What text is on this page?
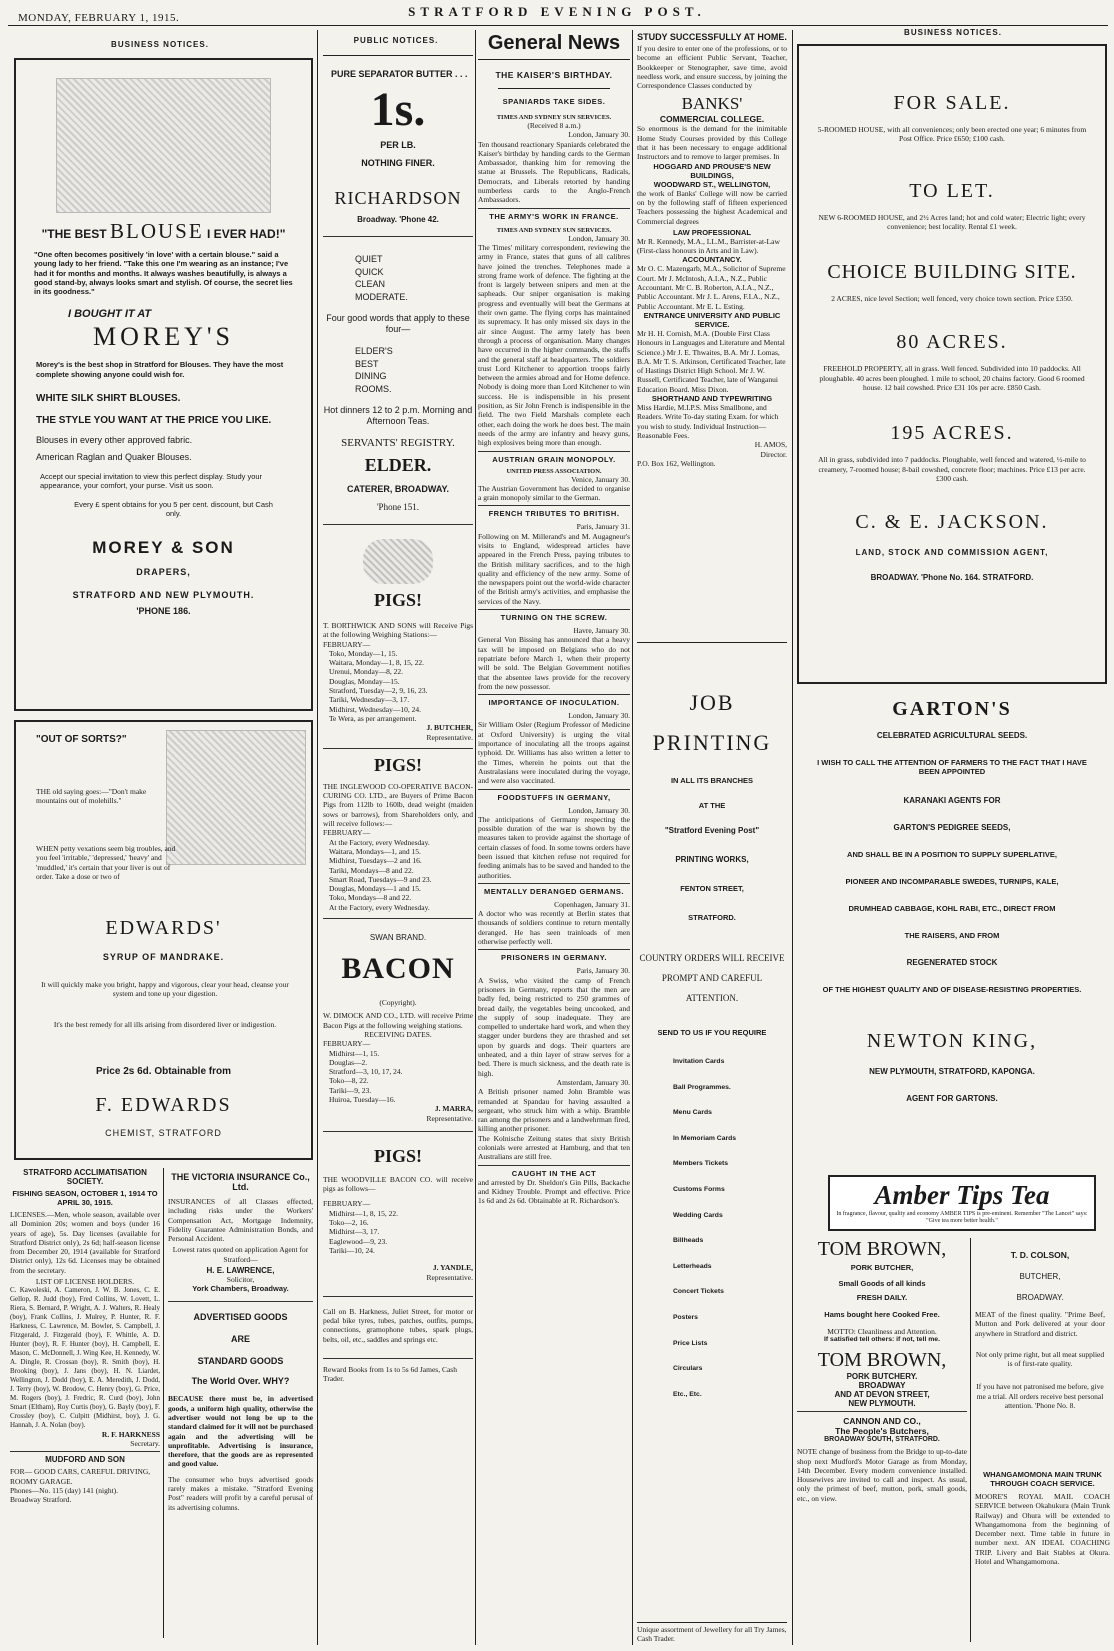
STRATFORD EVENING POST.
MONDAY, FEBRUARY 1, 1915.
BUSINESS NOTICES.
"THE BEST BLOUSE I EVER HAD!"
"One often becomes positively 'in love' with a certain blouse." said a young lady to her friend. "Take this one I'm wearing as an instance; I've had it for months and months. It always washes beautifully, is always a good stand-by, always looks smart and stylish. Of course, the secret lies in its goodness."
I BOUGHT IT AT
MOREY'S
Morey's is the best shop in Stratford for Blouses. They have the most complete showing anyone could wish for.
WHITE SILK SHIRT BLOUSES.
THE STYLE YOU WANT AT THE PRICE YOU LIKE.
Blouses in every other approved fabric.
American Raglan and Quaker Blouses.
Accept our special invitation to view this perfect display. Study your appearance, your comfort, your purse. Visit us soon.
Every £ spent obtains for you 5 per cent. discount, but Cash only.
MOREY & SON
DRAPERS,
STRATFORD AND NEW PLYMOUTH.
'PHONE 186.
"OUT OF SORTS?"
THE old saying goes:—"Don't make mountains out of molehills."
WHEN petty vexations seem big troubles, and you feel 'irritable,' 'depressed,' 'heavy' and 'muddled,' it's certain that your liver is out of order. Take a dose or two of
EDWARDS'
SYRUP OF MANDRAKE.
It will quickly make you bright, happy and vigorous, clear your head, cleanse your system and tone up your digestion.
It's the best remedy for all ills arising from disordered liver or indigestion.
Price 2s 6d. Obtainable from
F. EDWARDS
CHEMIST, STRATFORD
STRATFORD ACCLIMATISATION SOCIETY.
FISHING SEASON, OCTOBER 1, 1914 TO APRIL 30, 1915.
LICENSES.—Men, whole season, available over all Dominion 20s; women and boys (under 16 years of age), 5s. Day licenses (available for Stratford District only), 2s 6d; half-season license from December 20, 1914 (available for Stratford District only), 12s 6d. Licenses may be obtained from the secretary.
LIST OF LICENSE HOLDERS.
C. Kawoleski, A. Cameron, J. W. B. Jones, C. E. Gellop, R. Judd (boy), Fred Collins, W. Lovett, L. Riera, S. Bernard, P. Wright, A. J. Walters, R. Healy (boy), Frank Collins, J. Mulrey, P. Hunter, R. F. Harkness, C. Lawrence, M. Bowler, S. Campbell, J. Fitzgerald, J. Fitzgerald (boy), F. Whittle, A. D. Hunter (boy), R. F. Hunter (boy), H. Campbell, E. Mason, C. McDonnell, J. Wing Kee, H. Kennedy, W. A. Dingle, R. Crossan (boy), R. Smith (boy), H. Brooking (boy), J. Jans (boy), H. N. Liardet, Wellington, J. Dodd (boy), E. A. Meredith, J. Dodd, J. Terry (boy), W. Brodow, C. Henry (boy), G. Price, M. Rogers (boy), J. Fredric, R. Curd (boy), John Smart (Eltham), Roy Curtis (boy), G. Bayly (boy), F. Crossley (boy), C. Culpitt (Midhirst, boy), J. G. Hannah, J. A. Nolan (boy).
R. F. HARKNESS
Secretary.
MUDFORD AND SON
FOR— GOOD CARS, CAREFUL DRIVING, ROOMY GARAGE.
Phones—No. 115 (day) 141 (night).
Broadway Stratford.
THE VICTORIA INSURANCE Co., Ltd.
INSURANCES of all Classes effected, including risks under the Workers' Compensation Act, Mortgage Indemnity, Fidelity Guarantee Administration Bonds, and Personal Accident.
Lowest rates quoted on application Agent for Stratford—
H. E. LAWRENCE,
Solicitor,
York Chambers, Broadway.
ADVERTISED GOODS
ARE
STANDARD GOODS
The World Over. WHY?
BECAUSE there must be, in advertised goods, a uniform high quality, otherwise the advertiser would not long be up to the standard claimed for it will not be purchased again and the advertising will be unprofitable. Advertising is insurance, therefore, that the goods are as represented and good value.
The consumer who buys advertised goods rarely makes a mistake. "Stratford Evening Post" readers will profit by a careful perusal of its advertising columns.
PUBLIC NOTICES.
PURE SEPARATOR BUTTER . . .
1s.
PER LB.
NOTHING FINER.
RICHARDSON
Broadway. 'Phone 42.
QUIET
QUICK
CLEAN
MODERATE.
Four good words that apply to these four—
ELDER'S
BEST
DINING
ROOMS.
Hot dinners 12 to 2 p.m. Morning and Afternoon Teas.
SERVANTS' REGISTRY.
ELDER.
CATERER, BROADWAY.
'Phone 151.
PIGS!
T. BORTHWICK AND SONS will Receive Pigs at the following Weighing Stations:—
FEBRUARY—
Toko, Monday—1, 15.
Waitara, Monday—1, 8, 15, 22.
Urenui, Monday—8, 22.
Douglas, Monday—15.
Stratford, Tuesday—2, 9, 16, 23.
Tariki, Wednesday—3, 17.
Midhirst, Wednesday—10, 24.
Te Wera, as per arrangement.
J. BUTCHER,
Representative.
PIGS!
THE INGLEWOOD CO-OPERATIVE BACON-CURING CO. LTD., are Buyers of Prime Bacon Pigs from 112lb to 160lb, dead weight (maiden sows or barrows), from Shareholders only, and will receive follows:—
FEBRUARY—
At the Factory, every Wednesday.
Waitara, Mondays—1, and 15.
Midhirst, Tuesdays—2 and 16.
Tariki, Mondays—8 and 22.
Smart Road, Tuesdays—9 and 23.
Douglas, Mondays—1 and 15.
Toko, Mondays—8 and 22.
At the Factory, every Wednesday.
SWAN BRAND.
BACON
(Copyright).
W. DIMOCK AND CO., LTD. will receive Prime Bacon Pigs at the following weighing stations.
RECEIVING DATES.
FEBRUARY—
Midhirst—1, 15.
Douglas—2.
Stratford—3, 10, 17, 24.
Toko—8, 22.
Tariki—9, 23.
Huiroa, Tuesday—16.
J. MARRA,
Representative.
PIGS!
THE WOODVILLE BACON CO. will receive pigs as follows—
FEBRUARY—
Midhirst—1, 8, 15, 22.
Toko—2, 16.
Midhirst—3, 17.
Eaglewood—9, 23.
Tariki—10, 24.
J. YANDLE,
Representative.
Call on B. Harkness, Juliet Street, for motor or pedal bike tyres, tubes, patches, outfits, pumps, connections, gramophone tubes, spark plugs, belts, oil, etc., saddles and springs etc.
Reward Books from 1s to 5s 6d James, Cash Trader.
General News
THE KAISER'S BIRTHDAY.
SPANIARDS TAKE SIDES.
TIMES AND SYDNEY SUN SERVICES.
(Received 8 a.m.)
London, January 30.
Ten thousand reactionary Spaniards celebrated the Kaiser's birthday by handing cards to the German Ambassador, thanking him for removing the statue at Brussels. The Republicans, Radicals, Democrats, and Liberals retorted by handing numberless cards to the Anglo-French Ambassadors.
THE ARMY'S WORK IN FRANCE.
TIMES AND SYDNEY SUN SERVICES.
London, January 30.
The Times' military correspondent, reviewing the army in France, states that guns of all calibres have joined the trenches. Telephones made a strong frame work of defence. The fighting at the front is largely between snipers and men at the sapheads. Our sniper organisation is making progress and eventually will beat the Germans at their own game. The flying corps has maintained its supremacy. It has only missed six days in the air since August. The army lately has been through a process of organisation. Many changes have occurred in the higher commands, the staffs and the general staff at headquarters. The soldiers trust Lord Kitchener to apportion troops fairly between the armies abroad and for Home defence. Nobody is doing more than Lord Kitchener to win success. He is indispensible in his present position, as Sir John French is indispensible in the field. The two Field Marshals complete each other, each doing the work he does best. The main needs of the army are infantry and heavy guns, high explosives being more than enough.
AUSTRIAN GRAIN MONOPOLY.
UNITED PRESS ASSOCIATION.
Venice, January 30.
The Austrian Government has decided to organise a grain monopoly similar to the German.
FRENCH TRIBUTES TO BRITISH.
Paris, January 31.
Following on M. Millerand's and M. Augagneur's visits to England, widespread articles have appeared in the French Press, paying tributes to the British military sacrifices, and to the high quality and efficiency of the new army. Some of the newspapers point out the world-wide character of the British army's activities, and emphasise the services of the Navy.
TURNING ON THE SCREW.
Havre, January 30.
General Von Bissing has announced that a heavy tax will be imposed on Belgians who do not repatriate before March 1, when their property will be sold. The Belgian Government notifies that the absentee laws provide for the recovery from the new possessor.
IMPORTANCE OF INOCULATION.
London, January 30.
Sir William Osler (Regium Professor of Medicine at Oxford University) is urging the vital importance of inoculating all the troops against typhoid. Dr. Williams has also written a letter to the Times, wherein he points out that the Australasians were inoculated during the voyage, and were also vaccinated.
FOODSTUFFS IN GERMANY,
London, January 30.
The anticipations of Germany respecting the possible duration of the war is shown by the measures taken to provide against the shortage of certain classes of food. In some towns orders have been issued that kitchen refuse not required for feeding animals has to be saved and handed to the authorities.
MENTALLY DERANGED GERMANS.
Copenhagen, January 31.
A doctor who was recently at Berlin states that thousands of soldiers continue to return mentally deranged. He has seen trainloads of men otherwise perfectly well.
PRISONERS IN GERMANY.
Paris, January 30.
A Swiss, who visited the camp of French prisoners in Germany, reports that the men are badly fed, being restricted to 250 grammes of bread daily, the vegetables being uncooked, and the supply of soup inadequate. They are compelled to undertake hard work, and when they stagger under burdens they are thrashed and set upon by guards and dogs. Their quarters are unheated, and a thin layer of straw serves for a bed. There is much sickness, and the death rate is high.
Amsterdam, January 30.
A British prisoner named John Bramble was remanded at Spandau for having assaulted a sergeant, who struck him with a whip. Bramble ran among the prisoners and a landwehrman fired, killing another prisoner.
The Kolnische Zeitung states that sixty British colonials were arrested at Hamburg, and that ten Australians are still free.
CAUGHT IN THE ACT
and arrested by Dr. Sheldon's Gin Pills, Backache and Kidney Trouble. Prompt and effective. Price 1s 6d and 2s 6d. Obtainable at R. Richardson's.
STUDY SUCCESSFULLY AT HOME.
If you desire to enter one of the professions, or to become an efficient Public Servant, Teacher, Bookkeeper or Stenographer, save time, avoid needless work, and ensure success, by joining the Correspondence Classes conducted by
BANKS'
COMMERCIAL COLLEGE.
So enormous is the demand for the inimitable Home Study Courses provided by this College that it has been necessary to engage additional Instructors and to remove to larger premises. In
HOGGARD AND PROUSE'S NEW BUILDINGS,
WOODWARD ST., WELLINGTON,
the work of Banks' College will now be carried on by the following staff of fifteen experienced Teachers possessing the highest Academical and Commercial degrees
LAW PROFESSIONAL
Mr R. Kennedy, M.A., LL.M., Barrister-at-Law (First-class honours in Arts and in Law).
ACCOUNTANCY.
Mr O. C. Mazengarb, M.A., Solicitor of Supreme Court. Mr J. McIntosh, A.I.A., N.Z., Public Accountant. Mr C. B. Roberton, A.I.A., N.Z., Public Accountant. Mr J. L. Arens, F.I.A., N.Z., Public Accountant. Mr E. L. Esting.
ENTRANCE UNIVERSITY AND PUBLIC SERVICE.
Mr H. H. Cornish, M.A. (Double First Class Honours in Languages and Literature and Mental Science.) Mr J. E. Thwaites, B.A. Mr J. Lomas, B.A. Mr T. S. Atkinson, Certificated Teacher, late of Hastings District High School. Mr J. W. Russell, Certificated Teacher, late of Wanganui Education Board. Miss Dixon.
SHORTHAND AND TYPEWRITING
Miss Hardie, M.I.P.S. Miss Smallbone, and Readers. Write To-day stating Exam. for which you wish to study. Individual Instruction—Reasonable Fees.
H. AMOS,
Director.
P.O. Box 162, Wellington.
JOB
PRINTING
IN ALL ITS BRANCHES
AT THE
"Stratford Evening Post"
PRINTING WORKS,
FENTON STREET,
STRATFORD.
COUNTRY ORDERS WILL RECEIVE PROMPT AND CAREFUL ATTENTION.
SEND TO US IF YOU REQUIRE
Invitation Cards
Ball Programmes.
Menu Cards
In Memoriam Cards
Members Tickets
Customs Forms
Wedding Cards
Billheads
Letterheads
Concert Tickets
Posters
Price Lists
Circulars
Etc., Etc.
Unique assortment of Jewellery for all Try James, Cash Trader.
BUSINESS NOTICES.
FOR SALE.
5-ROOMED HOUSE, with all conveniences; only been erected one year; 6 minutes from Post Office. Price £650; £100 cash.
TO LET.
NEW 6-ROOMED HOUSE, and 2½ Acres land; hot and cold water; Electric light; every convenience; best locality. Rental £1 week.
CHOICE BUILDING SITE.
2 ACRES, nice level Section; well fenced, very choice town section. Price £350.
80 ACRES.
FREEHOLD PROPERTY, all in grass. Well fenced. Subdivided into 10 paddocks. All ploughable. 40 acres been ploughed. 1 mile to school, 20 chains factory. Good 6 roomed house. 12 bail cowshed. Price £31 10s per acre. £850 Cash.
195 ACRES.
All in grass, subdivided into 7 paddocks. Ploughable, well fenced and watered, ½-mile to creamery, 7-roomed house; 8-bail cowshed, concrete floor; machines. Price £13 per acre. £300 cash.
C. & E. JACKSON.
LAND, STOCK AND COMMISSION AGENT,
BROADWAY. 'Phone No. 164. STRATFORD.
GARTON'S
CELEBRATED AGRICULTURAL SEEDS.
I WISH TO CALL THE ATTENTION OF FARMERS TO THE FACT THAT I HAVE BEEN APPOINTED
KARANAKI AGENTS FOR
GARTON'S PEDIGREE SEEDS,
AND SHALL BE IN A POSITION TO SUPPLY SUPERLATIVE,
PIONEER AND INCOMPARABLE SWEDES, TURNIPS, KALE,
DRUMHEAD CABBAGE, KOHL RABI, ETC., DIRECT FROM
THE RAISERS, AND FROM
REGENERATED STOCK
OF THE HIGHEST QUALITY AND OF DISEASE-RESISTING PROPERTIES.
NEWTON KING,
NEW PLYMOUTH, STRATFORD, KAPONGA.
AGENT FOR GARTONS.
Amber Tips Tea
In fragrance, flavour, quality and economy AMBER TIPS is pre-eminent. Remember "The Lancet" says: "Give tea more better health."
TOM BROWN,
PORK BUTCHER,
Small Goods of all kinds
FRESH DAILY.
Hams bought here Cooked Free.
MOTTO: Cleanliness and Attention.
If satisfied tell others: if not, tell me.
TOM BROWN,
PORK BUTCHERY.
BROADWAY
AND AT DEVON STREET,
NEW PLYMOUTH.
CANNON AND CO.,
The People's Butchers,
BROADWAY SOUTH, STRATFORD.
NOTE change of business from the Bridge to up-to-date shop next Mudford's Motor Garage as from Monday, 14th December. Every modern convenience installed. Housewives are invited to call and inspect. As usual, only the primest of beef, mutton, pork, small goods, etc., on view.
T. D. COLSON,
BUTCHER,
BROADWAY.
MEAT of the finest quality. "Prime Beef, Mutton and Pork delivered at your door anywhere in Stratford and district.
Not only prime right, but all meat supplied is of first-rate quality.
If you have not patronised me before, give me a trial. All orders receive best personal attention. 'Phone No. 8.
WHANGAMOMONA MAIN TRUNK THROUGH COACH SERVICE.
MOORE'S ROYAL MAIL COACH SERVICE between Okahukura (Main Trunk Railway) and Ohura will be extended to Whangamomona from the beginning of December next. Time table in future in number next. AN IDEAL COACHING TRIP. Livery and Bait Stables at Okura. Hotel and Whangamomona.
